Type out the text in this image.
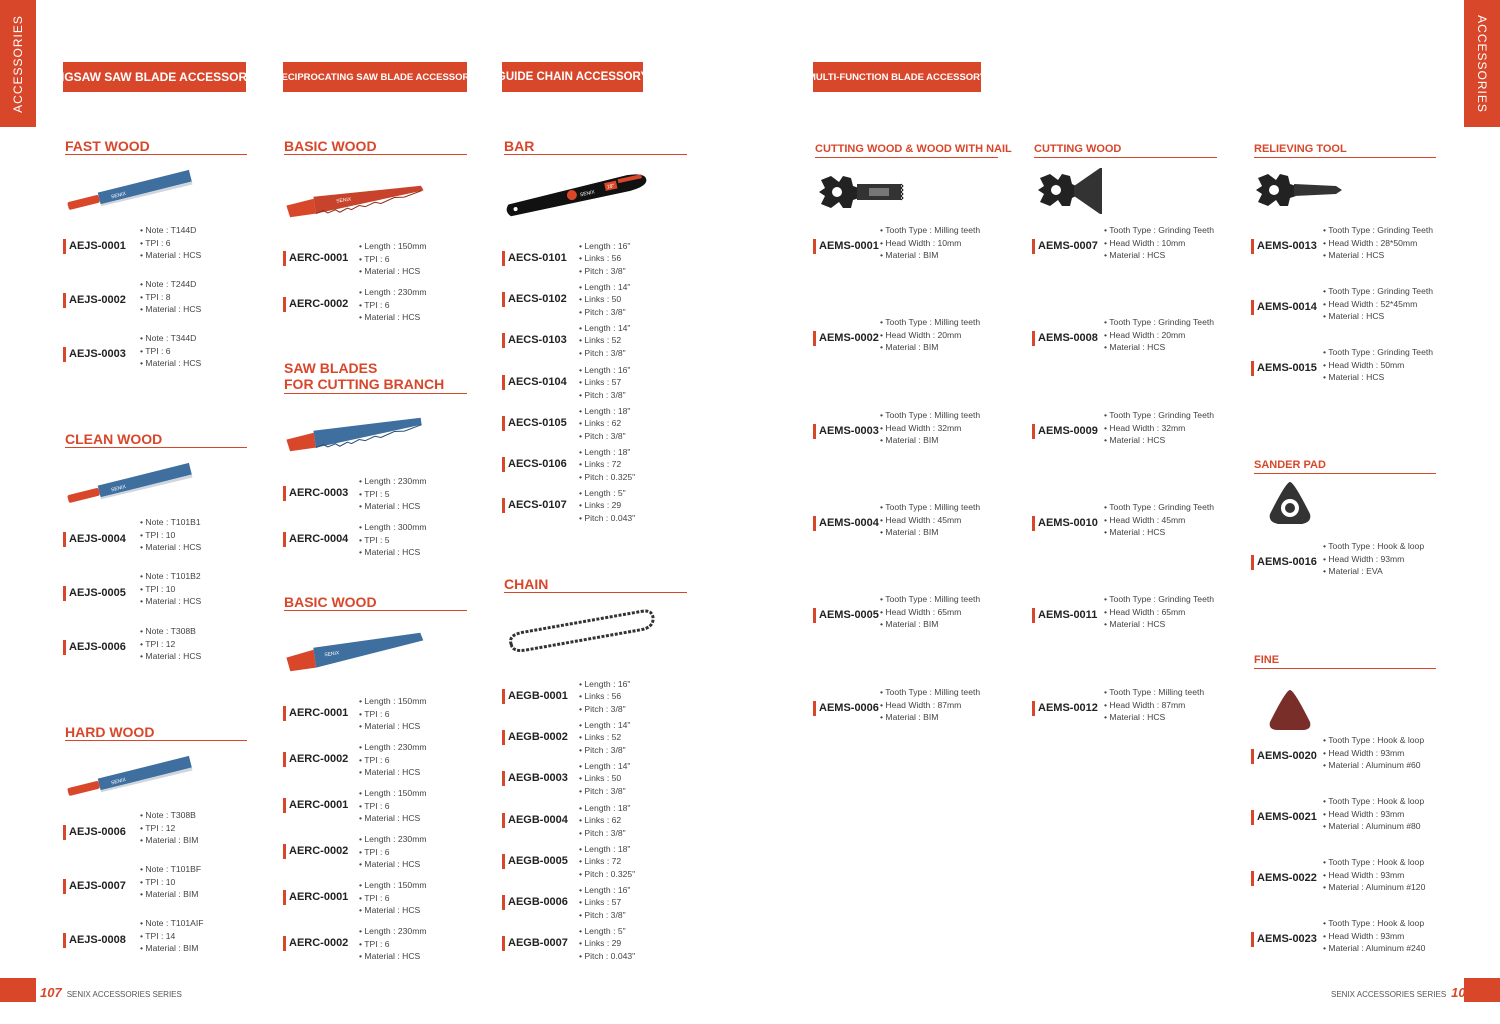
ACCESSORIES	ACCESSORIES
107 SENIX ACCESSORIES SERIES	SENIX ACCESSORIES SERIES 108
JIGSAW SAW BLADE ACCESSORY RECIPROCATING SAW BLADE ACCESSORY GUIDE CHAIN ACCESSORY	MULTI-FUNCTION BLADE ACCESSORY
FAST WOOD
CLEAN WOOD
HARD WOOD
BASIC WOOD
SAW BLADES
FOR CUTTING BRANCH
BASIC WOOD
BAR
CHAIN
CUTTING WOOD & WOOD WITH NAIL CUTTING WOOD	RELIEVING TOOL
SANDER PAD
FINE
SENIX
SENIX
SENIX
SENIX
SENIX
SENIX
18"
AEJS-0001
• Note : T144D
• TPI : 6
• Material : HCS
AEJS-0002
• Note : T244D
• TPI : 8
• Material : HCS
AEJS-0003
• Note : T344D
• TPI : 6
• Material : HCS
AEJS-0004
• Note : T101B1
• TPI : 10
• Material : HCS
AEJS-0005
• Note : T101B2
• TPI : 10
• Material : HCS
AEJS-0006
• Note : T308B
• TPI : 12
• Material : HCS
AEJS-0006
• Note : T308B
• TPI : 12
• Material : BIM
AEJS-0007
• Note : T101BF
• TPI : 10
• Material : BIM
AEJS-0008
• Note : T101AIF
• TPI : 14
• Material : BIM
AERC-0001
• Length : 150mm
• TPI : 6
• Material : HCS
AERC-0002
• Length : 230mm
• TPI : 6
• Material : HCS
AERC-0003
• Length : 230mm
• TPI : 5
• Material : HCS
AERC-0004
• Length : 300mm
• TPI : 5
• Material : HCS
AERC-0001
• Length : 150mm
• TPI : 6
• Material : HCS
AERC-0002
• Length : 230mm
• TPI : 6
• Material : HCS
AERC-0001
• Length : 150mm
• TPI : 6
• Material : HCS
AERC-0002
• Length : 230mm
• TPI : 6
• Material : HCS
AERC-0001
• Length : 150mm
• TPI : 6
• Material : HCS
AERC-0002
• Length : 230mm
• TPI : 6
• Material : HCS
AECS-0101
• Length : 16"
• Links : 56
• Pitch : 3/8"
AECS-0102
• Length : 14"
• Links : 50
• Pitch : 3/8"
AECS-0103
• Length : 14"
• Links : 52
• Pitch : 3/8"
AECS-0104
• Length : 16"
• Links : 57
• Pitch : 3/8"
AECS-0105
• Length : 18"
• Links : 62
• Pitch : 3/8"
AECS-0106
• Length : 18"
• Links : 72
• Pitch : 0.325"
AECS-0107
• Length : 5"
• Links : 29
• Pitch : 0.043"
AEGB-0001
• Length : 16"
• Links : 56
• Pitch : 3/8"
AEGB-0002
• Length : 14"
• Links : 52
• Pitch : 3/8"
AEGB-0003
• Length : 14"
• Links : 50
• Pitch : 3/8"
AEGB-0004
• Length : 18"
• Links : 62
• Pitch : 3/8"
AEGB-0005
• Length : 18"
• Links : 72
• Pitch : 0.325"
AEGB-0006
• Length : 16"
• Links : 57
• Pitch : 3/8"
AEGB-0007
• Length : 5"
• Links : 29
• Pitch : 0.043"
AEMS-0001
• Tooth Type : Milling teeth
• Head Width : 10mm
• Material : BIM
AEMS-0002
• Tooth Type : Milling teeth
• Head Width : 20mm
• Material : BIM
AEMS-0003
• Tooth Type : Milling teeth
• Head Width : 32mm
• Material : BIM
AEMS-0004
• Tooth Type : Milling teeth
• Head Width : 45mm
• Material : BIM
AEMS-0005
• Tooth Type : Milling teeth
• Head Width : 65mm
• Material : BIM
AEMS-0006
• Tooth Type : Milling teeth
• Head Width : 87mm
• Material : BIM
AEMS-0007
• Tooth Type : Grinding Teeth
• Head Width : 10mm
• Material : HCS
AEMS-0008
• Tooth Type : Grinding Teeth
• Head Width : 20mm
• Material : HCS
AEMS-0009
• Tooth Type : Grinding Teeth
• Head Width : 32mm
• Material : HCS
AEMS-0010
• Tooth Type : Grinding Teeth
• Head Width : 45mm
• Material : HCS
AEMS-0011
• Tooth Type : Grinding Teeth
• Head Width : 65mm
• Material : HCS
AEMS-0012
• Tooth Type : Milling teeth
• Head Width : 87mm
• Material : HCS
AEMS-0013
• Tooth Type : Grinding Teeth
• Head Width : 28*50mm
• Material : HCS
AEMS-0014
• Tooth Type : Grinding Teeth
• Head Width : 52*45mm
• Material : HCS
AEMS-0015
• Tooth Type : Grinding Teeth
• Head Width : 50mm
• Material : HCS
AEMS-0016
• Tooth Type : Hook & loop
• Head Width : 93mm
• Material : EVA
AEMS-0020
• Tooth Type : Hook & loop
• Head Width : 93mm
• Material : Aluminum #60
AEMS-0021
• Tooth Type : Hook & loop
• Head Width : 93mm
• Material : Aluminum #80
AEMS-0022
• Tooth Type : Hook & loop
• Head Width : 93mm
• Material : Aluminum #120
AEMS-0023
• Tooth Type : Hook & loop
• Head Width : 93mm
• Material : Aluminum #240
